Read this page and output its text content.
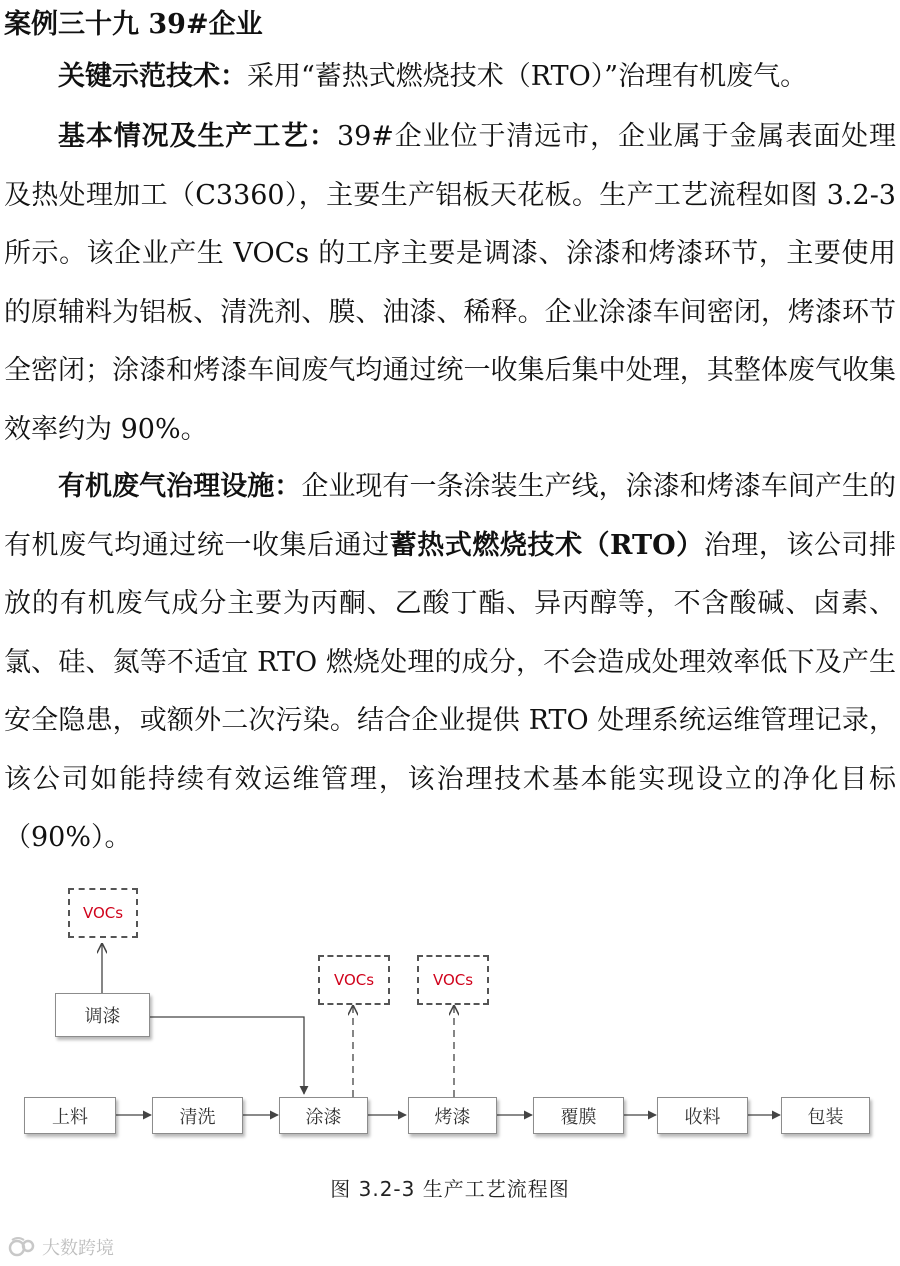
案例三十九 39#企业

关键示范技术：采用“蓄热式燃烧技术（RTO）”治理有机废气。

基本情况及生产工艺：39#企业位于清远市，企业属于金属表面处理及热处理加工（C3360），主要生产铝板天花板。生产工艺流程如图 3.2-3 所示。该企业产生 VOCs 的工序主要是调漆、涂漆和烤漆环节，主要使用的原辅料为铝板、清洗剂、膜、油漆、稀释。企业涂漆车间密闭，烤漆环节全密闭；涂漆和烤漆车间废气均通过统一收集后集中处理，其整体废气收集效率约为 90%。

有机废气治理设施：企业现有一条涂装生产线，涂漆和烤漆车间产生的有机废气均通过统一收集后通过蓄热式燃烧技术（RTO）治理，该公司排放的有机废气成分主要为丙酮、乙酸丁酯、异丙醇等，不含酸碱、卤素、氯、硅、氮等不适宜 RTO 燃烧处理的成分，不会造成处理效率低下及产生安全隐患，或额外二次污染。结合企业提供 RTO 处理系统运维管理记录，该公司如能持续有效运维管理，该治理技术基本能实现设立的净化目标（90%）。

VOCs
VOCs	VOCs
调漆
上料	清洗	涂漆	烤漆	覆膜	收料	包装
图 3.2-3 生产工艺流程图
大数跨境
